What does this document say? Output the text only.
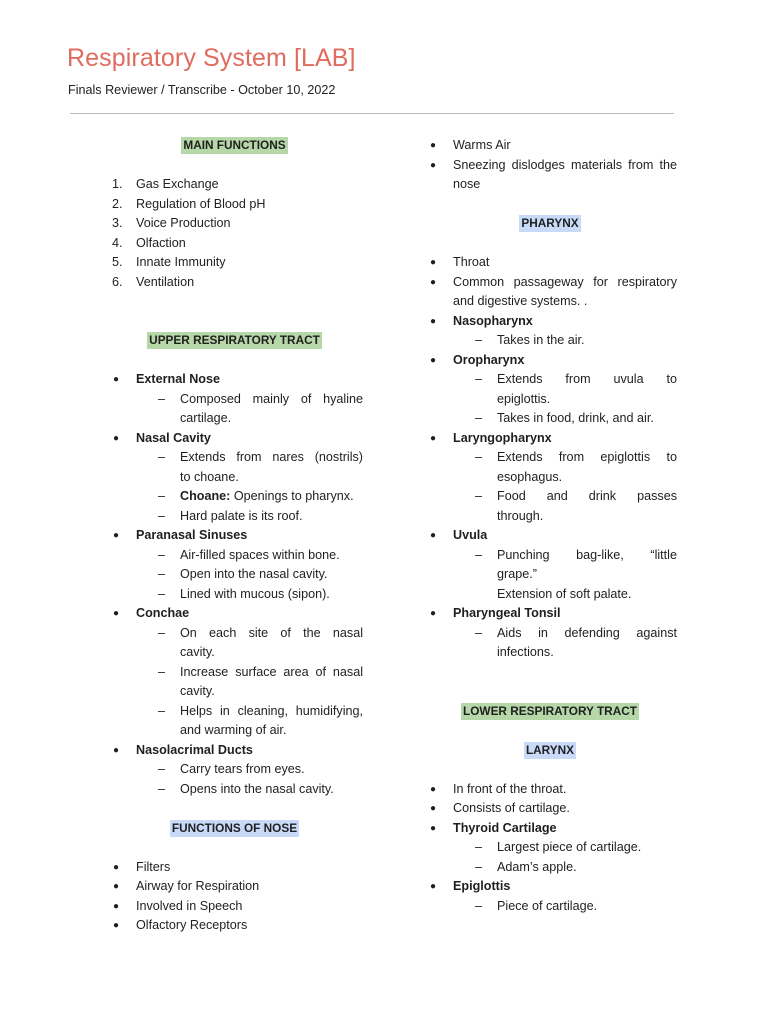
Respiratory System [LAB]
Finals Reviewer / Transcribe - October 10, 2022
MAIN FUNCTIONS
1. Gas Exchange
2. Regulation of Blood pH
3. Voice Production
4. Olfaction
5. Innate Immunity
6. Ventilation
UPPER RESPIRATORY TRACT
● External Nose
– Composed mainly of hyaline
cartilage.
● Nasal Cavity
– Extends from nares (nostrils)
to choane.
– Choane: Openings to pharynx.
– Hard palate is its roof.
● Paranasal Sinuses
– Air-filled spaces within bone.
– Open into the nasal cavity.
– Lined with mucous (sipon).
● Conchae
– On each site of the nasal
cavity.
– Increase surface area of nasal
cavity.
– Helps in cleaning, humidifying,
and warming of air.
● Nasolacrimal Ducts
– Carry tears from eyes.
– Opens into the nasal cavity.
FUNCTIONS OF NOSE
● Filters
● Airway for Respiration
● Involved in Speech
● Olfactory Receptors
● Warms Air
● Sneezing dislodges materials from the
nose
PHARYNX
● Throat
● Common passageway for respiratory
and digestive systems. .
● Nasopharynx
– Takes in the air.
● Oropharynx
– Extends from uvula to
epiglottis.
– Takes in food, drink, and air.
● Laryngopharynx
– Extends from epiglottis to
esophagus.
– Food and drink passes
through.
● Uvula
– Punching bag-like, “little
grape.”
Extension of soft palate.
● Pharyngeal Tonsil
– Aids in defending against
infections.
LOWER RESPIRATORY TRACT
LARYNX
● In front of the throat.
● Consists of cartilage.
● Thyroid Cartilage
– Largest piece of cartilage.
– Adam’s apple.
● Epiglottis
– Piece of cartilage.
